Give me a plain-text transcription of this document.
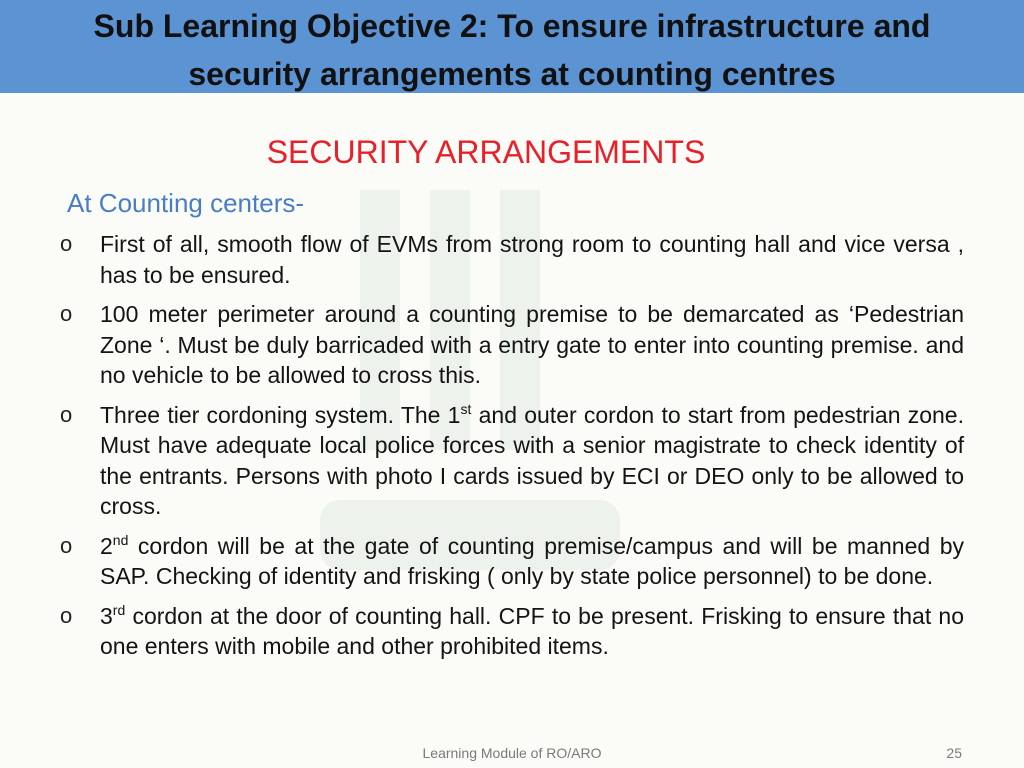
Sub Learning Objective 2: To ensure infrastructure and
security arrangements at counting centres
SECURITY ARRANGEMENTS
At Counting centers-
o First of all, smooth flow of EVMs from strong room to counting hall and vice versa , has to be ensured.
o 100 meter perimeter around a counting premise to be demarcated as ‘Pedestrian Zone ‘. Must be duly barricaded with a entry gate to enter into counting premise. and no vehicle to be allowed to cross this.
o Three tier cordoning system. The 1st and outer cordon to start from pedestrian zone. Must have adequate local police forces with a senior magistrate to check identity of the entrants. Persons with photo I cards issued by ECI or DEO only to be allowed to cross.
o 2nd cordon will be at the gate of counting premise/campus and will be manned by SAP. Checking of identity and frisking ( only by state police personnel) to be done.
o 3rd cordon at the door of counting hall. CPF to be present. Frisking to ensure that no one enters with mobile and other prohibited items.
Learning Module of RO/ARO	25
